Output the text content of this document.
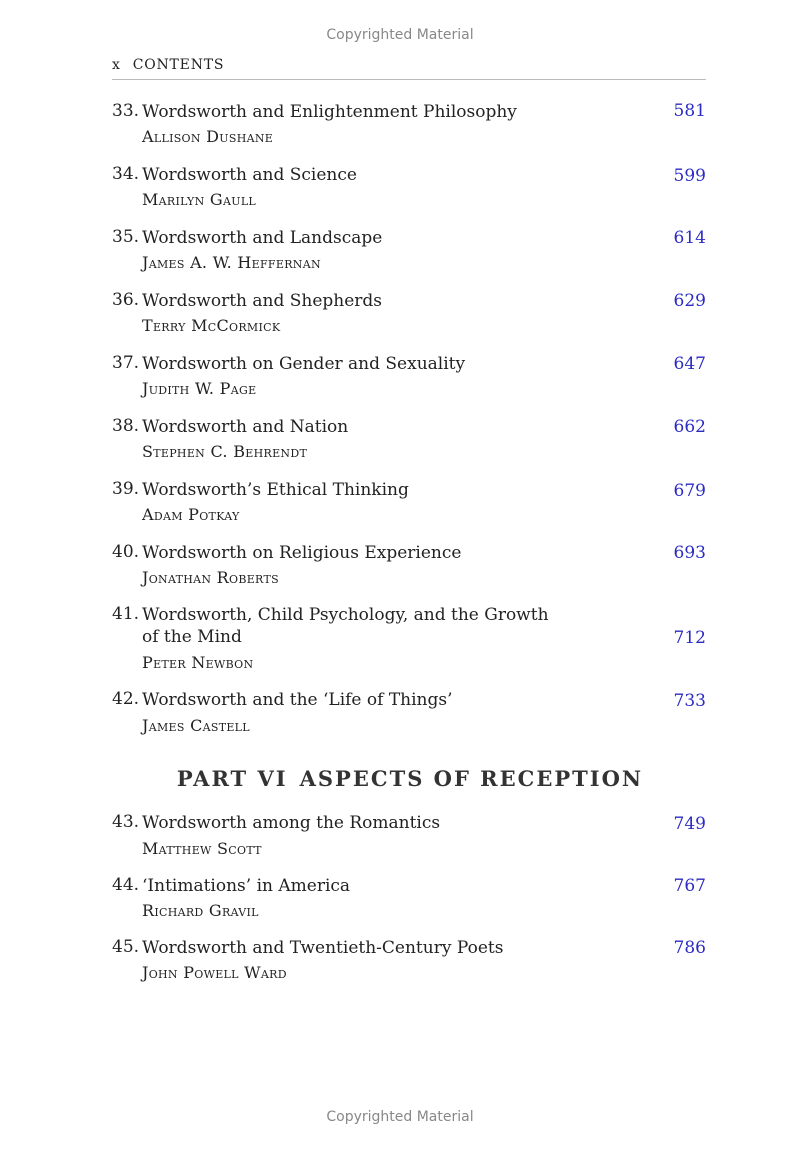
Copyrighted Material
x CONTENTS
33. Wordsworth and Enlightenment Philosophy
Allison Dushane
581
34. Wordsworth and Science
Marilyn Gaull
599
35. Wordsworth and Landscape
James A. W. Heffernan
614
36. Wordsworth and Shepherds
Terry McCormick
629
37. Wordsworth on Gender and Sexuality
Judith W. Page
647
38. Wordsworth and Nation
Stephen C. Behrendt
662
39. Wordsworth’s Ethical Thinking
Adam Potkay
679
40. Wordsworth on Religious Experience
Jonathan Roberts
693
41. Wordsworth, Child Psychology, and the Growth
of the Mind
Peter Newbon
712
42. Wordsworth and the ‘Life of Things’
James Castell
733
PART VI ASPECTS OF RECEPTION
43. Wordsworth among the Romantics
Matthew Scott
749
44. ‘Intimations’ in America
Richard Gravil
767
45. Wordsworth and Twentieth-Century Poets
John Powell Ward
786
Copyrighted Material
